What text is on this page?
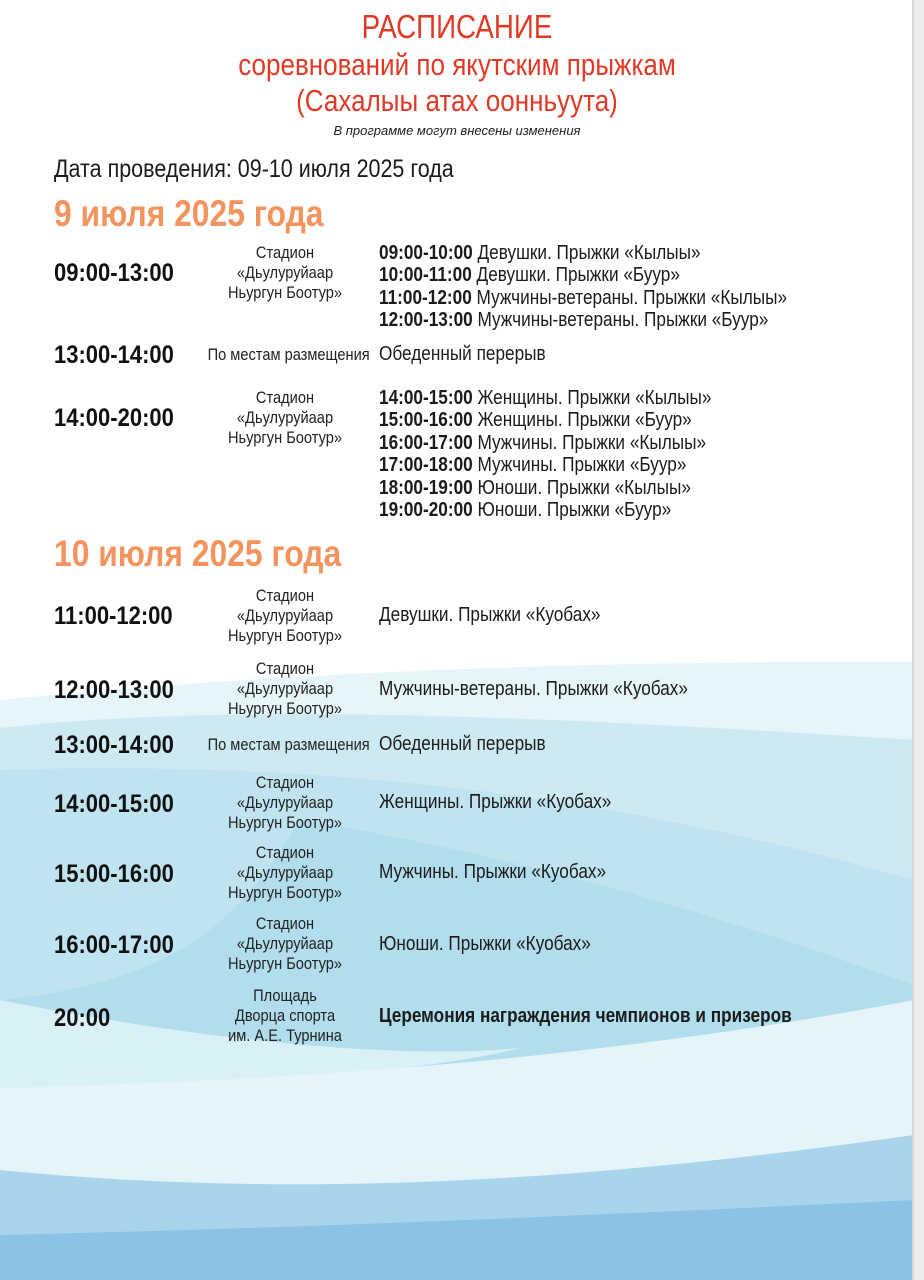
РАСПИСАНИЕ
соревнований по якутским прыжкам
(Сахалыы атах оонньуута)
В программе могут внесены изменения
Дата проведения: 09-10 июля 2025 года
9 июля 2025 года
09:00-13:00
Стадион
«Дьулуруйаар
Ньургун Боотур»
09:00-10:00 Девушки. Прыжки «Кылыы»
10:00-11:00 Девушки. Прыжки «Буур»
11:00-12:00 Мужчины-ветераны. Прыжки «Кылыы»
12:00-13:00 Мужчины-ветераны. Прыжки «Буур»
13:00-14:00 По местам размещения Обеденный перерыв
14:00-20:00
Стадион
«Дьулуруйаар
Ньургун Боотур»
14:00-15:00 Женщины. Прыжки «Кылыы»
15:00-16:00 Женщины. Прыжки «Буур»
16:00-17:00 Мужчины. Прыжки «Кылыы»
17:00-18:00 Мужчины. Прыжки «Буур»
18:00-19:00 Юноши. Прыжки «Кылыы»
19:00-20:00 Юноши. Прыжки «Буур»
10 июля 2025 года
11:00-12:00
Стадион
«Дьулуруйаар
Ньургун Боотур»
Девушки. Прыжки «Куобах»
12:00-13:00
Стадион
«Дьулуруйаар
Ньургун Боотур»
Мужчины-ветераны. Прыжки «Куобах»
13:00-14:00 По местам размещения Обеденный перерыв
14:00-15:00
Стадион
«Дьулуруйаар
Ньургун Боотур»
Женщины. Прыжки «Куобах»
15:00-16:00
Стадион
«Дьулуруйаар
Ньургун Боотур»
Мужчины. Прыжки «Куобах»
16:00-17:00
Стадион
«Дьулуруйаар
Ньургун Боотур»
Юноши. Прыжки «Куобах»
20:00
Площадь
Дворца спорта
им. А.Е. Турнина
Церемония награждения чемпионов и призеров
